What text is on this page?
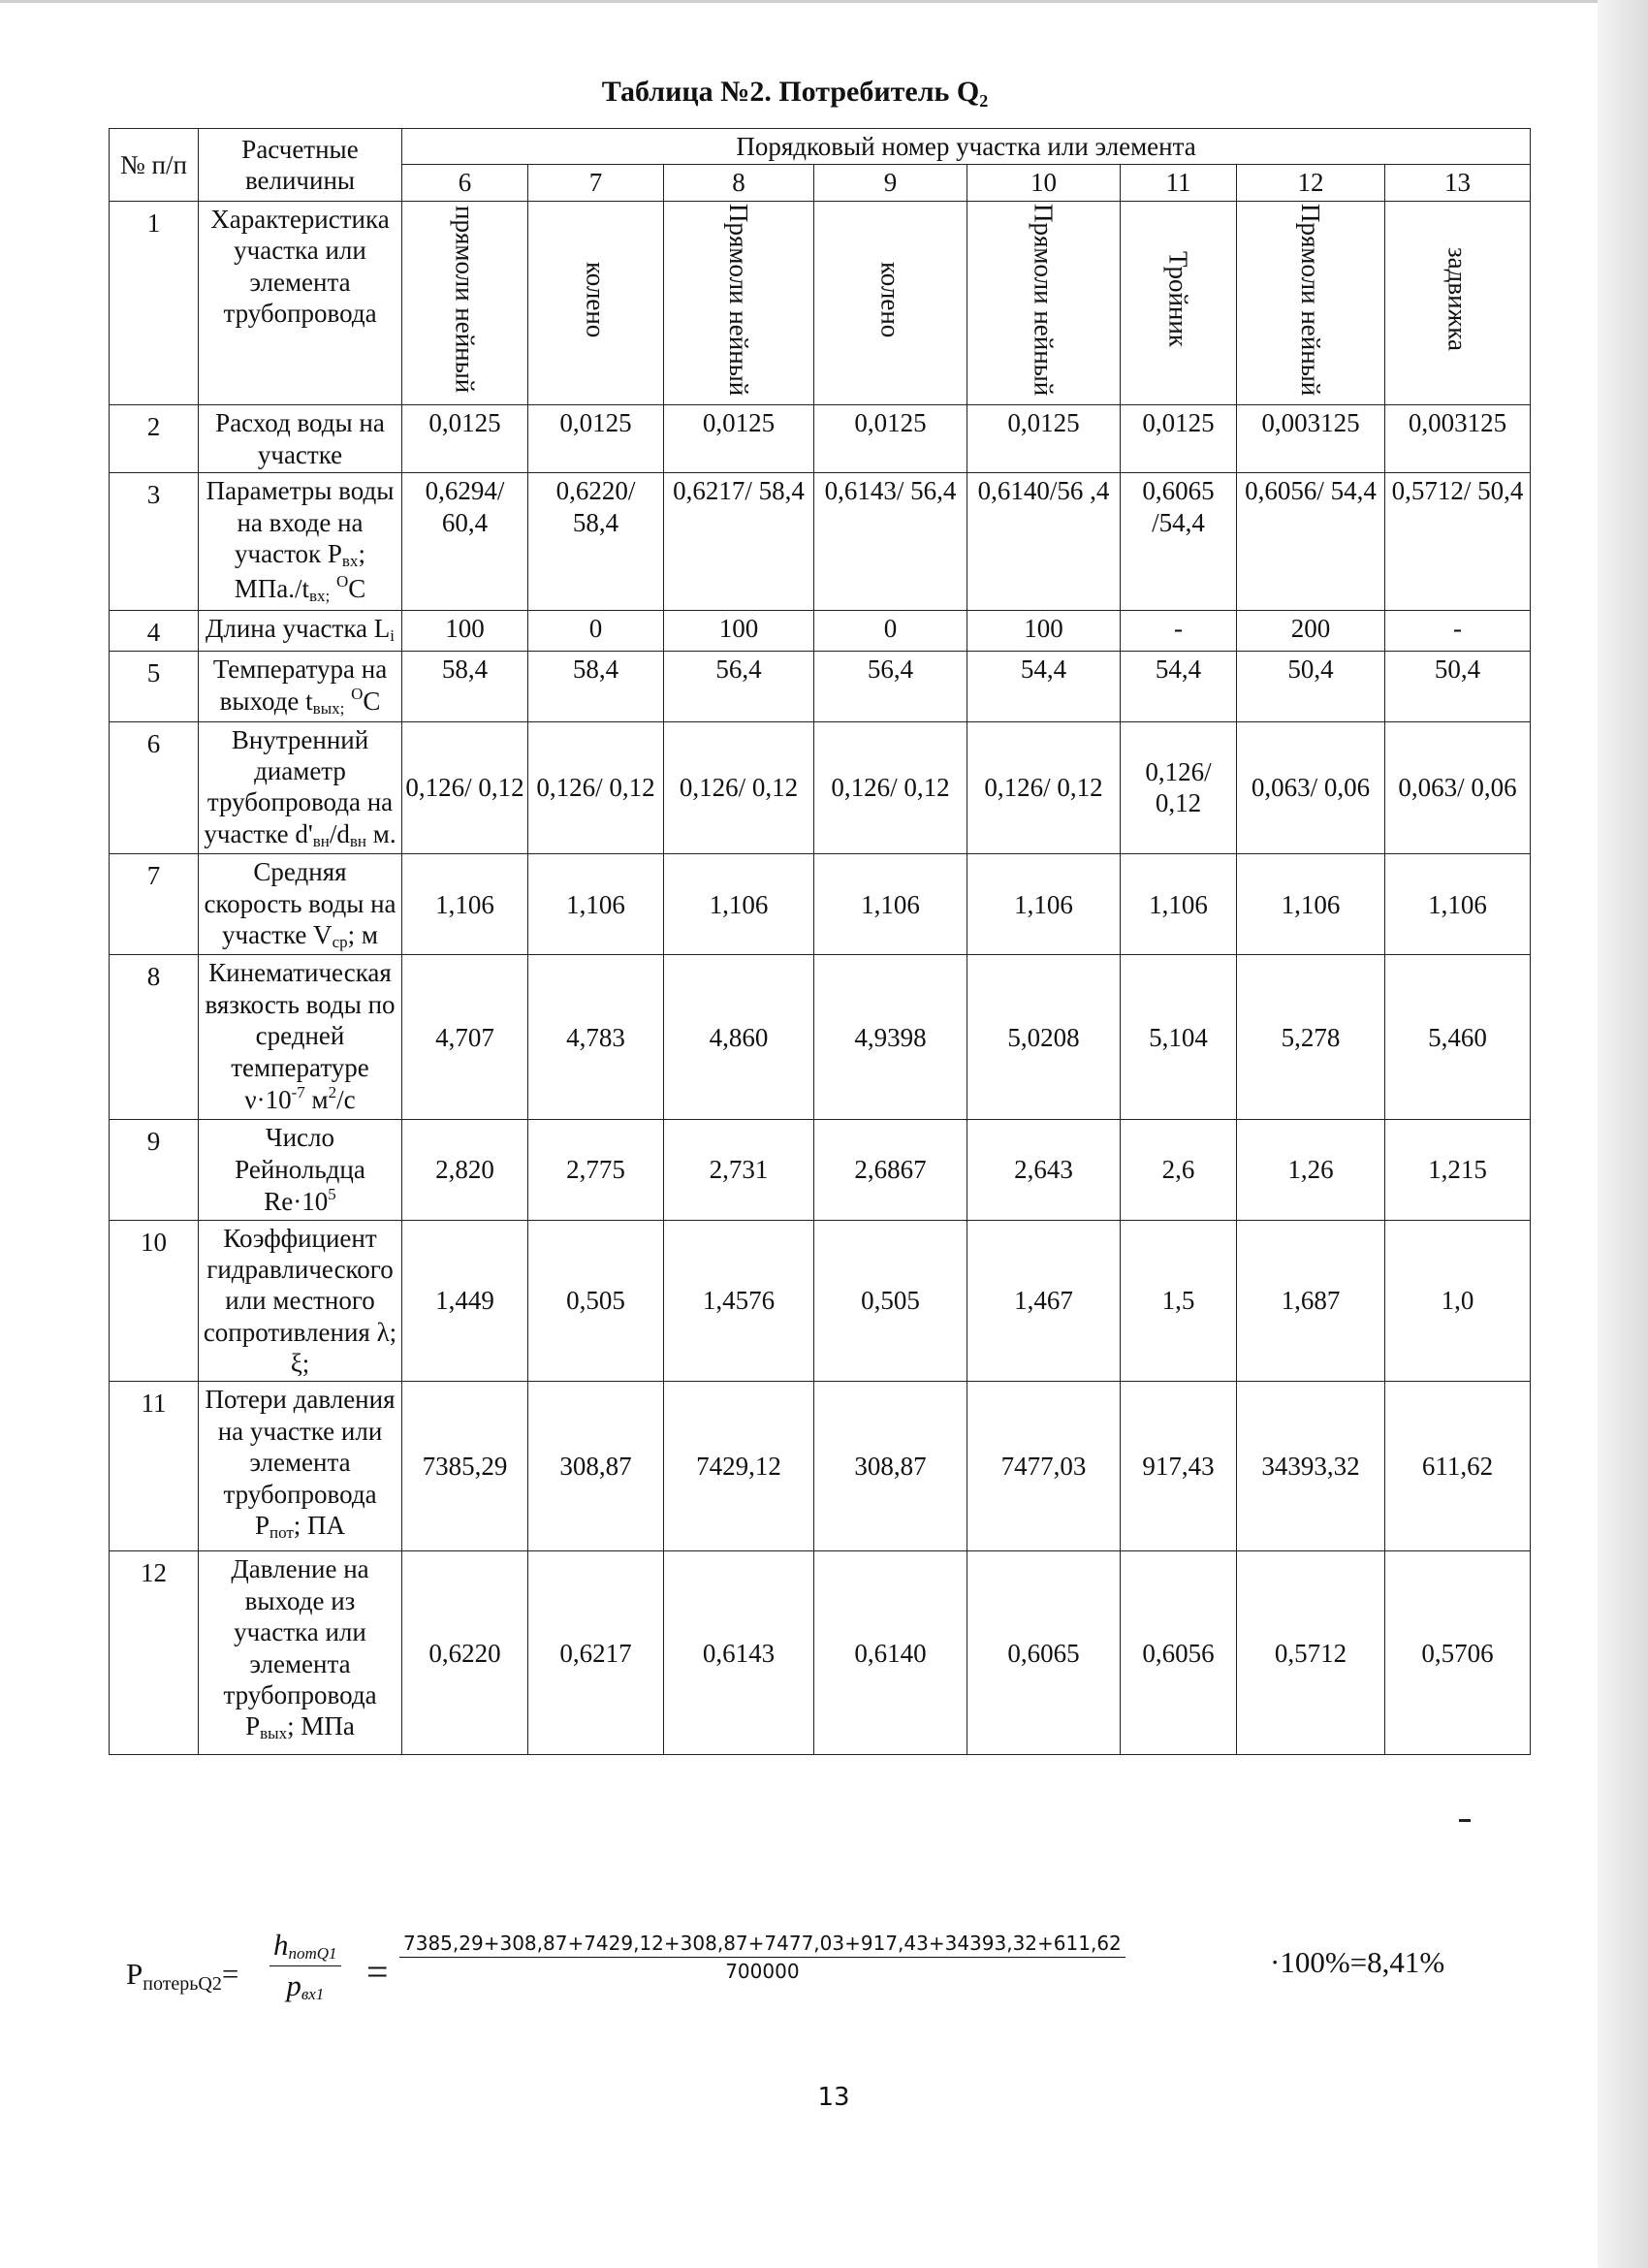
Таблица №2. Потребитель Q₂
№ п/п	Расчетные величины	Порядковый номер участка или элемента							
		6	7	8	9	10	11	12	13
1	Характеристика участка или элемента трубопровода	прямоли нейный	колено	Прямоли нейный	колено	Прямоли нейный	Тройник	Прямоли нейный	задвижка
2	Расход воды на участке	0,0125	0,0125	0,0125	0,0125	0,0125	0,0125	0,003125	0,003125
3	Параметры воды на входе на участок $P_{вх}$; $МПа./t_{вх;}$ $^O$C	0,6294/ 60,4	0,6220/ 58,4	0,6217/ 58,4	0,6143/ 56,4	0,6140/56 ,4	0,6065 /54,4	0,6056/ 54,4	0,5712/ 50,4
4	Длина участка $L_i$	100	0	100	0	100	-	200	-
5	Температура на выходе $t_{вых;}$ $^O$C	58,4	58,4	56,4	56,4	54,4	54,4	50,4	50,4
6	Внутренний диаметр трубопровода на участке $d'_{вн}/d_{вн}$ м.	0,126/ 0,12	0,126/ 0,12	0,126/ 0,12	0,126/ 0,12	0,126/ 0,12	0,126/ 0,12	0,063/ 0,06	0,063/ 0,06
7	Средняя скорость воды на участке $V_{ср}$; м	1,106	1,106	1,106	1,106	1,106	1,106	1,106	1,106
8	Кинематическая вязкость воды по средней температуре $\nu\cdot 10^{-7}$ $м^2/с$	4,707	4,783	4,860	4,9398	5,0208	5,104	5,278	5,460
9	Число Рейнольдца $Re\cdot 10^5$	2,820	2,775	2,731	2,6867	2,643	2,6	1,26	1,215
10	Коэффициент гидравлического или местного сопротивления λ; ξ;	1,449	0,505	1,4576	0,505	1,467	1,5	1,687	1,0
11	Потери давления на участке или элемента трубопровода $P_{пот}$; ПА	7385,29	308,87	7429,12	308,87	7477,03	917,43	34393,32	611,62
12	Давление на выходе из участка или элемента трубопровода $P_{вых}$; МПа	0,6220	0,6217	0,6143	0,6140	0,6065	0,6056	0,5712	0,5706
$P_{потерьQ2}=$
$h_{потQ1}$
$p_{вх1}$
= $\frac{7385,29+308,87+7429,12+308,87+7477,03+917,43+34393,32+611,62}{700000}$	·100%=8,41%
13
